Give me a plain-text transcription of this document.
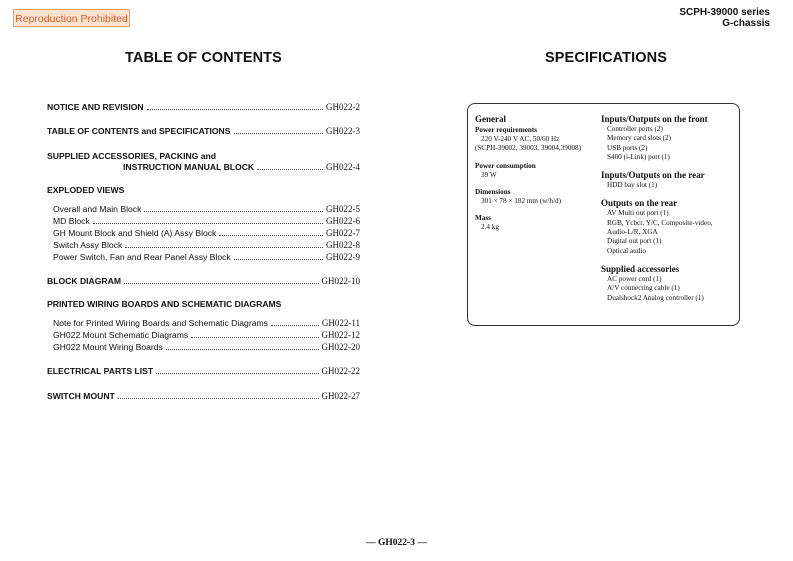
Reproduction Prohibited
SCPH-39000 series
G-chassis
TABLE OF CONTENTS	SPECIFICATIONS
NOTICE AND REVISION	GH022-2
TABLE OF CONTENTS and SPECIFICATIONS	GH022-3
SUPPLIED ACCESSORIES, PACKING and
INSTRUCTION MANUAL BLOCK	GH022-4
EXPLODED VIEWS
Overall and Main Block	GH022-5
MD Block	GH022-6
GH Mount Block and Shield (A) Assy Block	GH022-7
Switch Assy Block	GH022-8
Power Switch, Fan and Rear Panel Assy Block	GH022-9
BLOCK DIAGRAM	GH022-10
PRINTED WIRING BOARDS AND SCHEMATIC DIAGRAMS
Note for Printed Wiring Boards and Schematic Diagrams	GH022-11
GH022 Mount Schematic Diagrams	GH022-12
GH022 Mount Wiring Boards	GH022-20
ELECTRICAL PARTS LIST	GH022-22
SWITCH MOUNT	GH022-27
General
Power requirements
220 V-240 V AC, 50/60 Hz
(SCPH-39002, 39003, 39004,39008)
Power consumption
39 W
Dimensions
301 × 78 × 182 mm (w/h/d)
Mass
2.4 kg
Inputs/Outputs on the front
Controller ports (2)
Memory card slots (2)
USB ports (2)
S400 (i-Link) port (1)
Inputs/Outputs on the rear
HDD bay slot (1)
Outputs on the rear
AV Multi out port (1)
RGB, Ycbcr, Y/C, Composite-video,
Audio-L/R, XGA
Digital out port (1)
Optical audio
Supplied accessories
AC power cord (1)
A/V connecting cable (1)
Dualshock2 Analog controller (1)
— GH022-3 —
